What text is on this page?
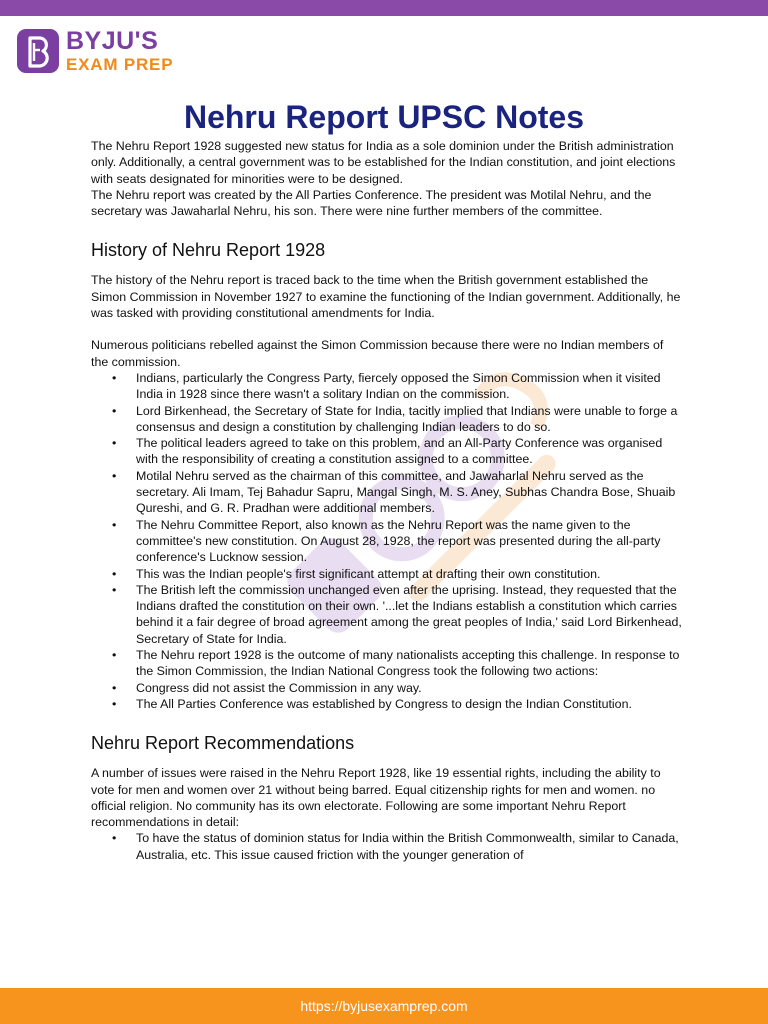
BYJU'S
EXAM PREP
Nehru Report UPSC Notes

The Nehru Report 1928 suggested new status for India as a sole dominion under the British administration only. Additionally, a central government was to be established for the Indian constitution, and joint elections with seats designated for minorities were to be designed.

The Nehru report was created by the All Parties Conference. The president was Motilal Nehru, and the secretary was Jawaharlal Nehru, his son. There were nine further members of the committee.

History of Nehru Report 1928

The history of the Nehru report is traced back to the time when the British government established the Simon Commission in November 1927 to examine the functioning of the Indian government. Additionally, he was tasked with providing constitutional amendments for India.

Numerous politicians rebelled against the Simon Commission because there were no Indian members of the commission.

• Indians, particularly the Congress Party, fiercely opposed the Simon Commission when it visited India in 1928 since there wasn't a solitary Indian on the commission.
• Lord Birkenhead, the Secretary of State for India, tacitly implied that Indians were unable to forge a consensus and design a constitution by challenging Indian leaders to do so.
• The political leaders agreed to take on this problem, and an All-Party Conference was organised with the responsibility of creating a constitution assigned to a committee.
• Motilal Nehru served as the chairman of this committee, and Jawaharlal Nehru served as the secretary. Ali Imam, Tej Bahadur Sapru, Mangal Singh, M. S. Aney, Subhas Chandra Bose, Shuaib Qureshi, and G. R. Pradhan were additional members.
• The Nehru Committee Report, also known as the Nehru Report was the name given to the committee's new constitution. On August 28, 1928, the report was presented during the all-party conference's Lucknow session.
• This was the Indian people's first significant attempt at drafting their own constitution.
• The British left the commission unchanged even after the uprising. Instead, they requested that the Indians drafted the constitution on their own. '...let the Indians establish a constitution which carries behind it a fair degree of broad agreement among the great peoples of India,' said Lord Birkenhead, Secretary of State for India.
• The Nehru report 1928 is the outcome of many nationalists accepting this challenge. In response to the Simon Commission, the Indian National Congress took the following two actions:
• Congress did not assist the Commission in any way.
• The All Parties Conference was established by Congress to design the Indian Constitution.
Nehru Report Recommendations

A number of issues were raised in the Nehru Report 1928, like 19 essential rights, including the ability to vote for men and women over 21 without being barred. Equal citizenship rights for men and women. no official religion. No community has its own electorate. Following are some important Nehru Report recommendations in detail:

• To have the status of dominion status for India within the British Commonwealth, similar to Canada, Australia, etc. This issue caused friction with the younger generation of
https://byjusexamprep.com
